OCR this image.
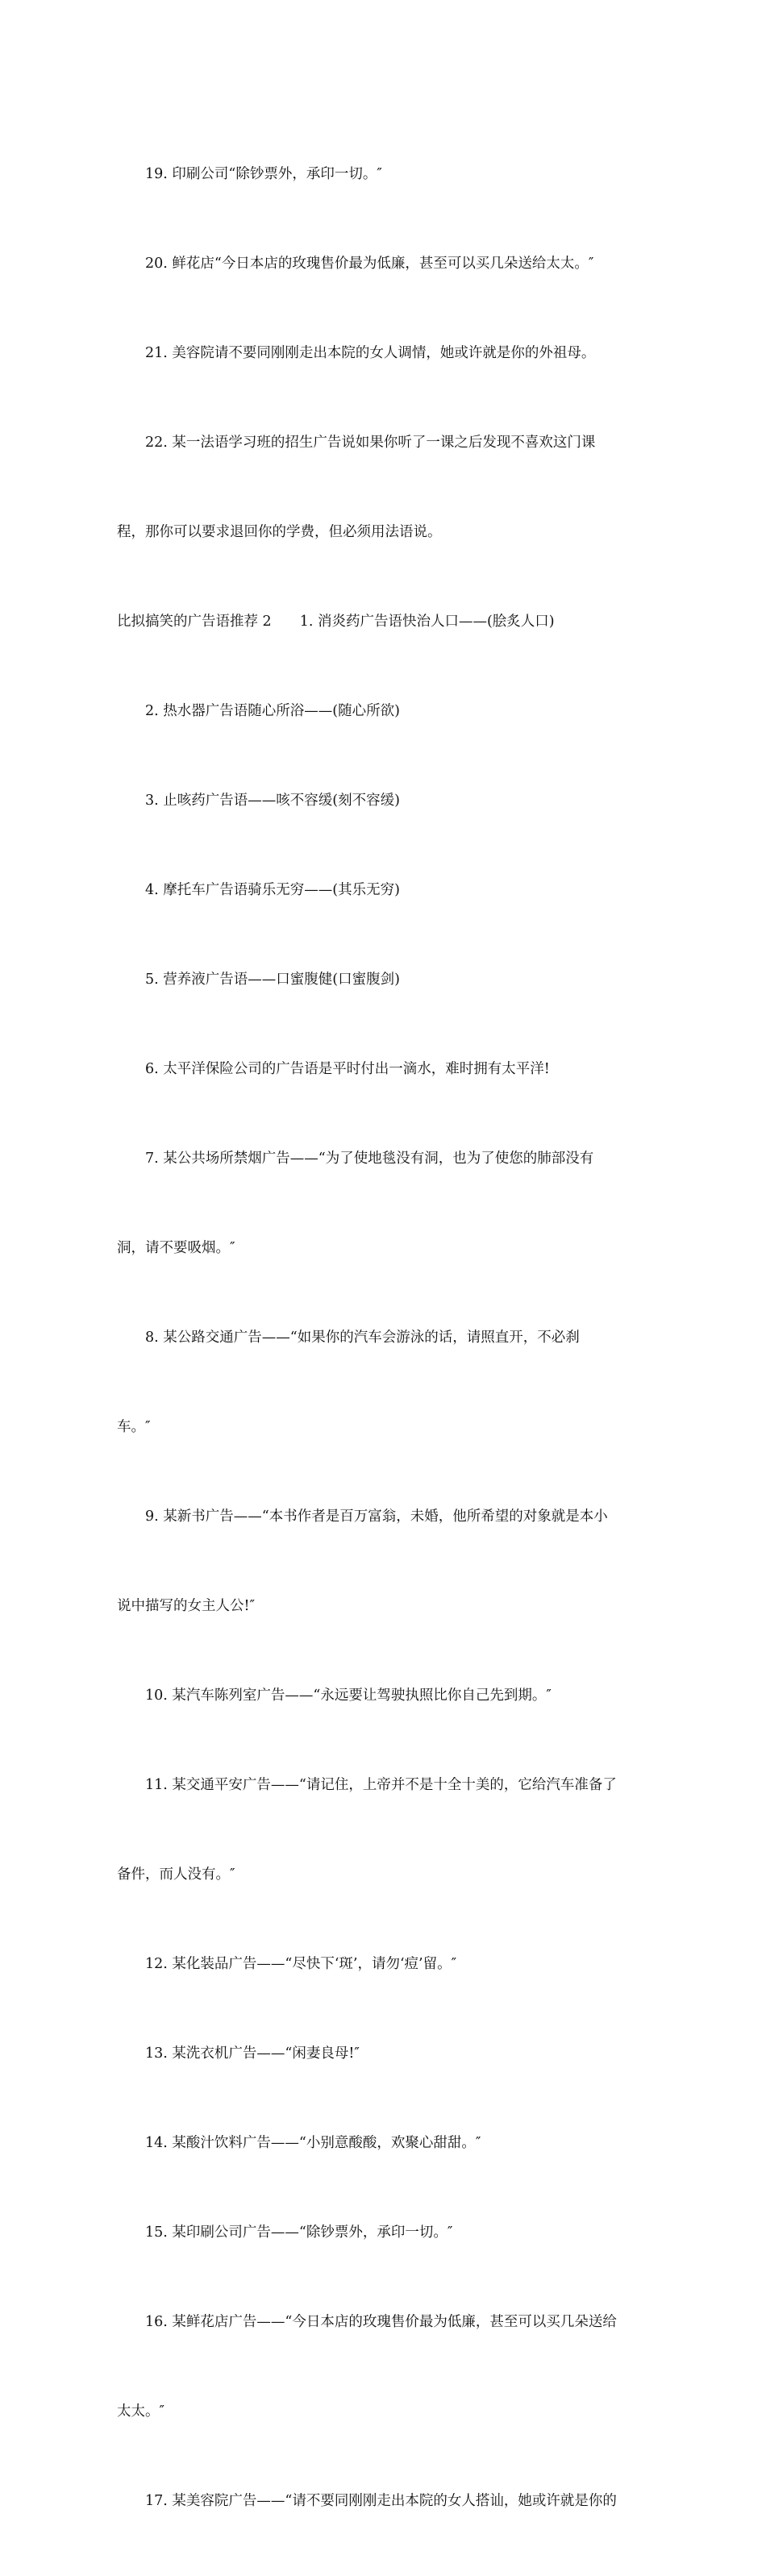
19. 印刷公司“除钞票外，承印一切。″

20. 鲜花店“今日本店的玫瑰售价最为低廉，甚至可以买几朵送给太太。″

21. 美容院请不要同刚刚走出本院的女人调情，她或许就是你的外祖母。

22. 某一法语学习班的招生广告说如果你听了一课之后发现不喜欢这门课

程，那你可以要求退回你的学费，但必须用法语说。

比拟搞笑的广告语推荐 2　　1. 消炎药广告语快治人口——(脍炙人口)

2. 热水器广告语随心所浴——(随心所欲)

3. 止咳药广告语——咳不容缓(刻不容缓)

4. 摩托车广告语骑乐无穷——(其乐无穷)

5. 营养液广告语——口蜜腹健(口蜜腹剑)

6. 太平洋保险公司的广告语是平时付出一滴水，难时拥有太平洋!

7. 某公共场所禁烟广告——“为了使地毯没有洞，也为了使您的肺部没有

洞，请不要吸烟。″

8. 某公路交通广告——“如果你的汽车会游泳的话，请照直开，不必刹

车。″

9. 某新书广告——“本书作者是百万富翁，未婚，他所希望的对象就是本小

说中描写的女主人公!″

10. 某汽车陈列室广告——“永远要让驾驶执照比你自己先到期。″

11. 某交通平安广告——“请记住，上帝并不是十全十美的，它给汽车准备了

备件，而人没有。″

12. 某化装品广告——“尽快下‘斑’，请勿‘痘’留。″

13. 某洗衣机广告——“闲妻良母!″

14. 某酸汁饮料广告——“小别意酸酸，欢聚心甜甜。″

15. 某印刷公司广告——“除钞票外，承印一切。″

16. 某鲜花店广告——“今日本店的玫瑰售价最为低廉，甚至可以买几朵送给

太太。″

17. 某美容院广告——“请不要同刚刚走出本院的女人搭讪，她或许就是你的
